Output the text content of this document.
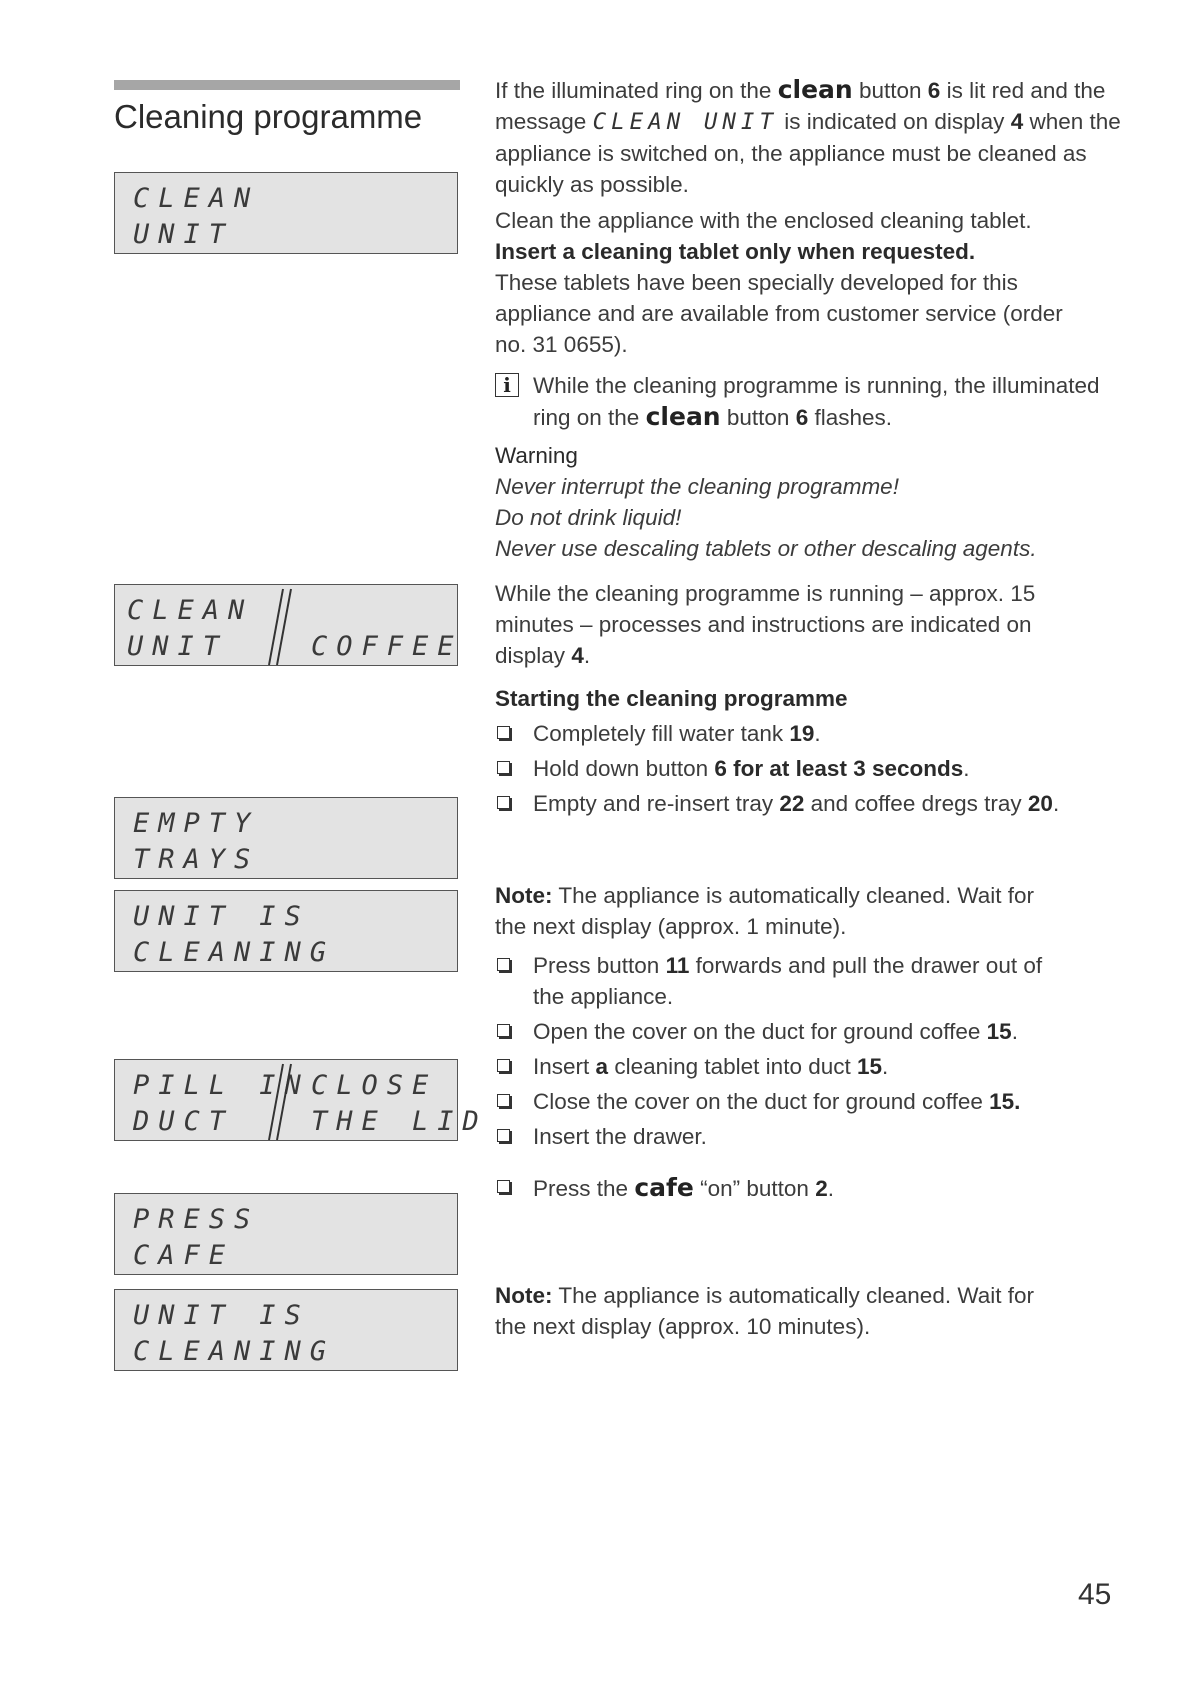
Cleaning programme
CLEAN
UNIT
CLEAN
UNIT	COFFEE
EMPTY
TRAYS
UNIT IS
CLEANING
PILL IN
DUCT
CLOSE
THE LID
PRESS
CAFE
UNIT IS
CLEANING

If the illuminated ring on the clean button 6 is lit red and the message CLEAN UNIT is indicated on display 4 when the appliance is switched on, the appliance must be cleaned as quickly as possible.

Clean the appliance with the enclosed cleaning tablet.

Insert a cleaning tablet only when requested.

These tablets have been specially developed for this appliance and are available from customer service (order no. 31 0655).

i While the cleaning programme is running, the illuminated ring on the clean button 6 flashes.

Warning

Never interrupt the cleaning programme!

Do not drink liquid!

Never use descaling tablets or other descaling agents.

While the cleaning programme is running – approx. 15 minutes – processes and instructions are indicated on display 4.

Starting the cleaning programme

Completely fill water tank 19.
Hold down button 6 for at least 3 seconds.
Empty and re-insert tray 22 and coffee dregs tray 20.

Note: The appliance is automatically cleaned. Wait for the next display (approx. 1 minute).

Press button 11 forwards and pull the drawer out of the appliance.
Open the cover on the duct for ground coffee 15.
Insert a cleaning tablet into duct 15.
Close the cover on the duct for ground coffee 15.
Insert the drawer.
Press the cafe “on” button 2.

Note: The appliance is automatically cleaned. Wait for the next display (approx. 10 minutes).

45
